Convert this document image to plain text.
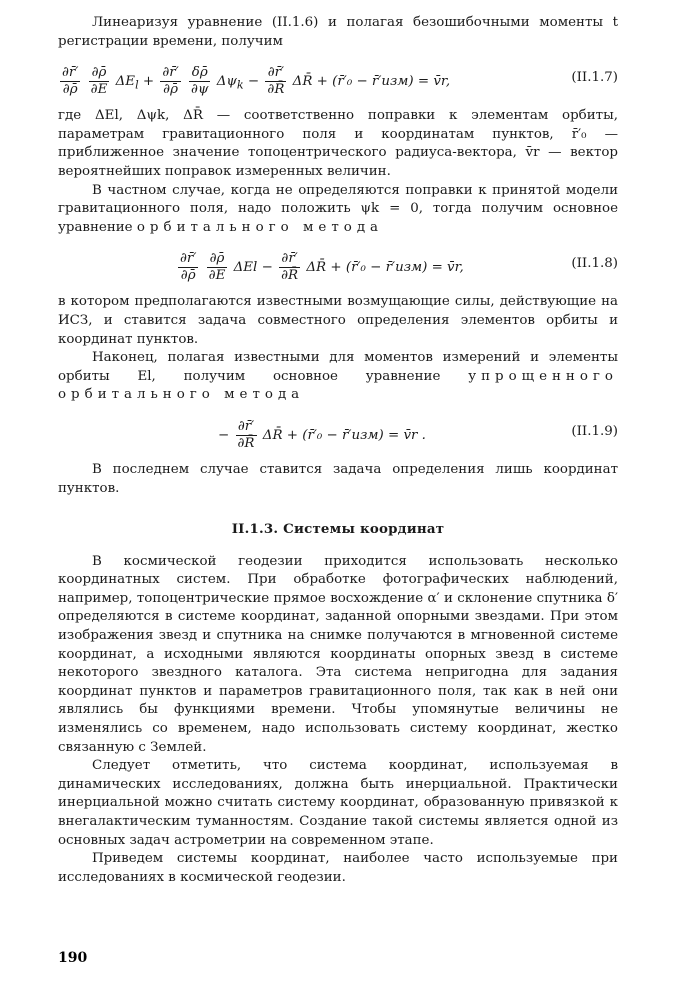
Линеаризуя уравнение (II.1.6) и полагая безошибочными моменты t регистрации времени, получим

$\frac{\partial r̄'}{\partial\rhō}$
$\frac{\partial\rhō}{\partial E} \Delta E_l + \frac{\partial r̄'}{\partial\rhō}$
$\frac{\delta\rhō}{\partial\psi} \Delta\psi_k - \frac{\partial r̄'}{\partial R̄}$ ΔR̄ + (r̄′₀ − r̄′изм) = v̄r,	(II.1.7)

где ΔEl, Δψk, ΔR̄ — соответственно поправки к элементам орбиты, параметрам гравитационного поля и координатам пунктов, r̄′₀ — приближенное значение топоцентрического радиуса-вектора, v̄r — вектор вероятнейших поправок измеренных величин.

В частном случае, когда не определяются поправки к принятой модели гравитационного поля, надо положить ψk = 0, тогда получим основное уравнение орбитального метода

$\frac{\partial r̄'}{\partial\rhō}$
$\frac{\partial\rhō}{\partial E}$ $\Delta El - \frac{\partial r̄'}{\partial R̄}$ ΔR̄ + (r̄′₀ − r̄′изм) = v̄r,	(II.1.8)

в котором предполагаются известными возмущающие силы, действующие на ИСЗ, и ставится задача совместного определения элементов орбиты и координат пунктов.

Наконец, полагая известными для моментов измерений и элементы орбиты El, получим основное уравнение упрощенного орбитального метода

− $\frac{\partial r̄'}{\partial R̄}$ ΔR̄ + (r̄′₀ − r̄′изм) = v̄r .	(II.1.9)

В последнем случае ставится задача определения лишь координат пунктов.

II.1.3. Системы координат

В космической геодезии приходится использовать несколько координатных систем. При обработке фотографических наблюдений, например, топоцентрические прямое восхождение α′ и склонение спутника δ′ определяются в системе координат, заданной опорными звездами. При этом изображения звезд и спутника на снимке получаются в мгновенной системе координат, а исходными являются координаты опорных звезд в системе некоторого звездного каталога. Эта система непригодна для задания координат пунктов и параметров гравитационного поля, так как в ней они являлись бы функциями времени. Чтобы упомянутые величины не изменялись со временем, надо использовать систему координат, жестко связанную с Землей.

Следует отметить, что система координат, используемая в динамических исследованиях, должна быть инерциальной. Практически инерциальной можно считать систему координат, образованную привязкой к внегалактическим туманностям. Создание такой системы является одной из основных задач астрометрии на современном этапе.

Приведем системы координат, наиболее часто используемые при исследованиях в космической геодезии.

190
